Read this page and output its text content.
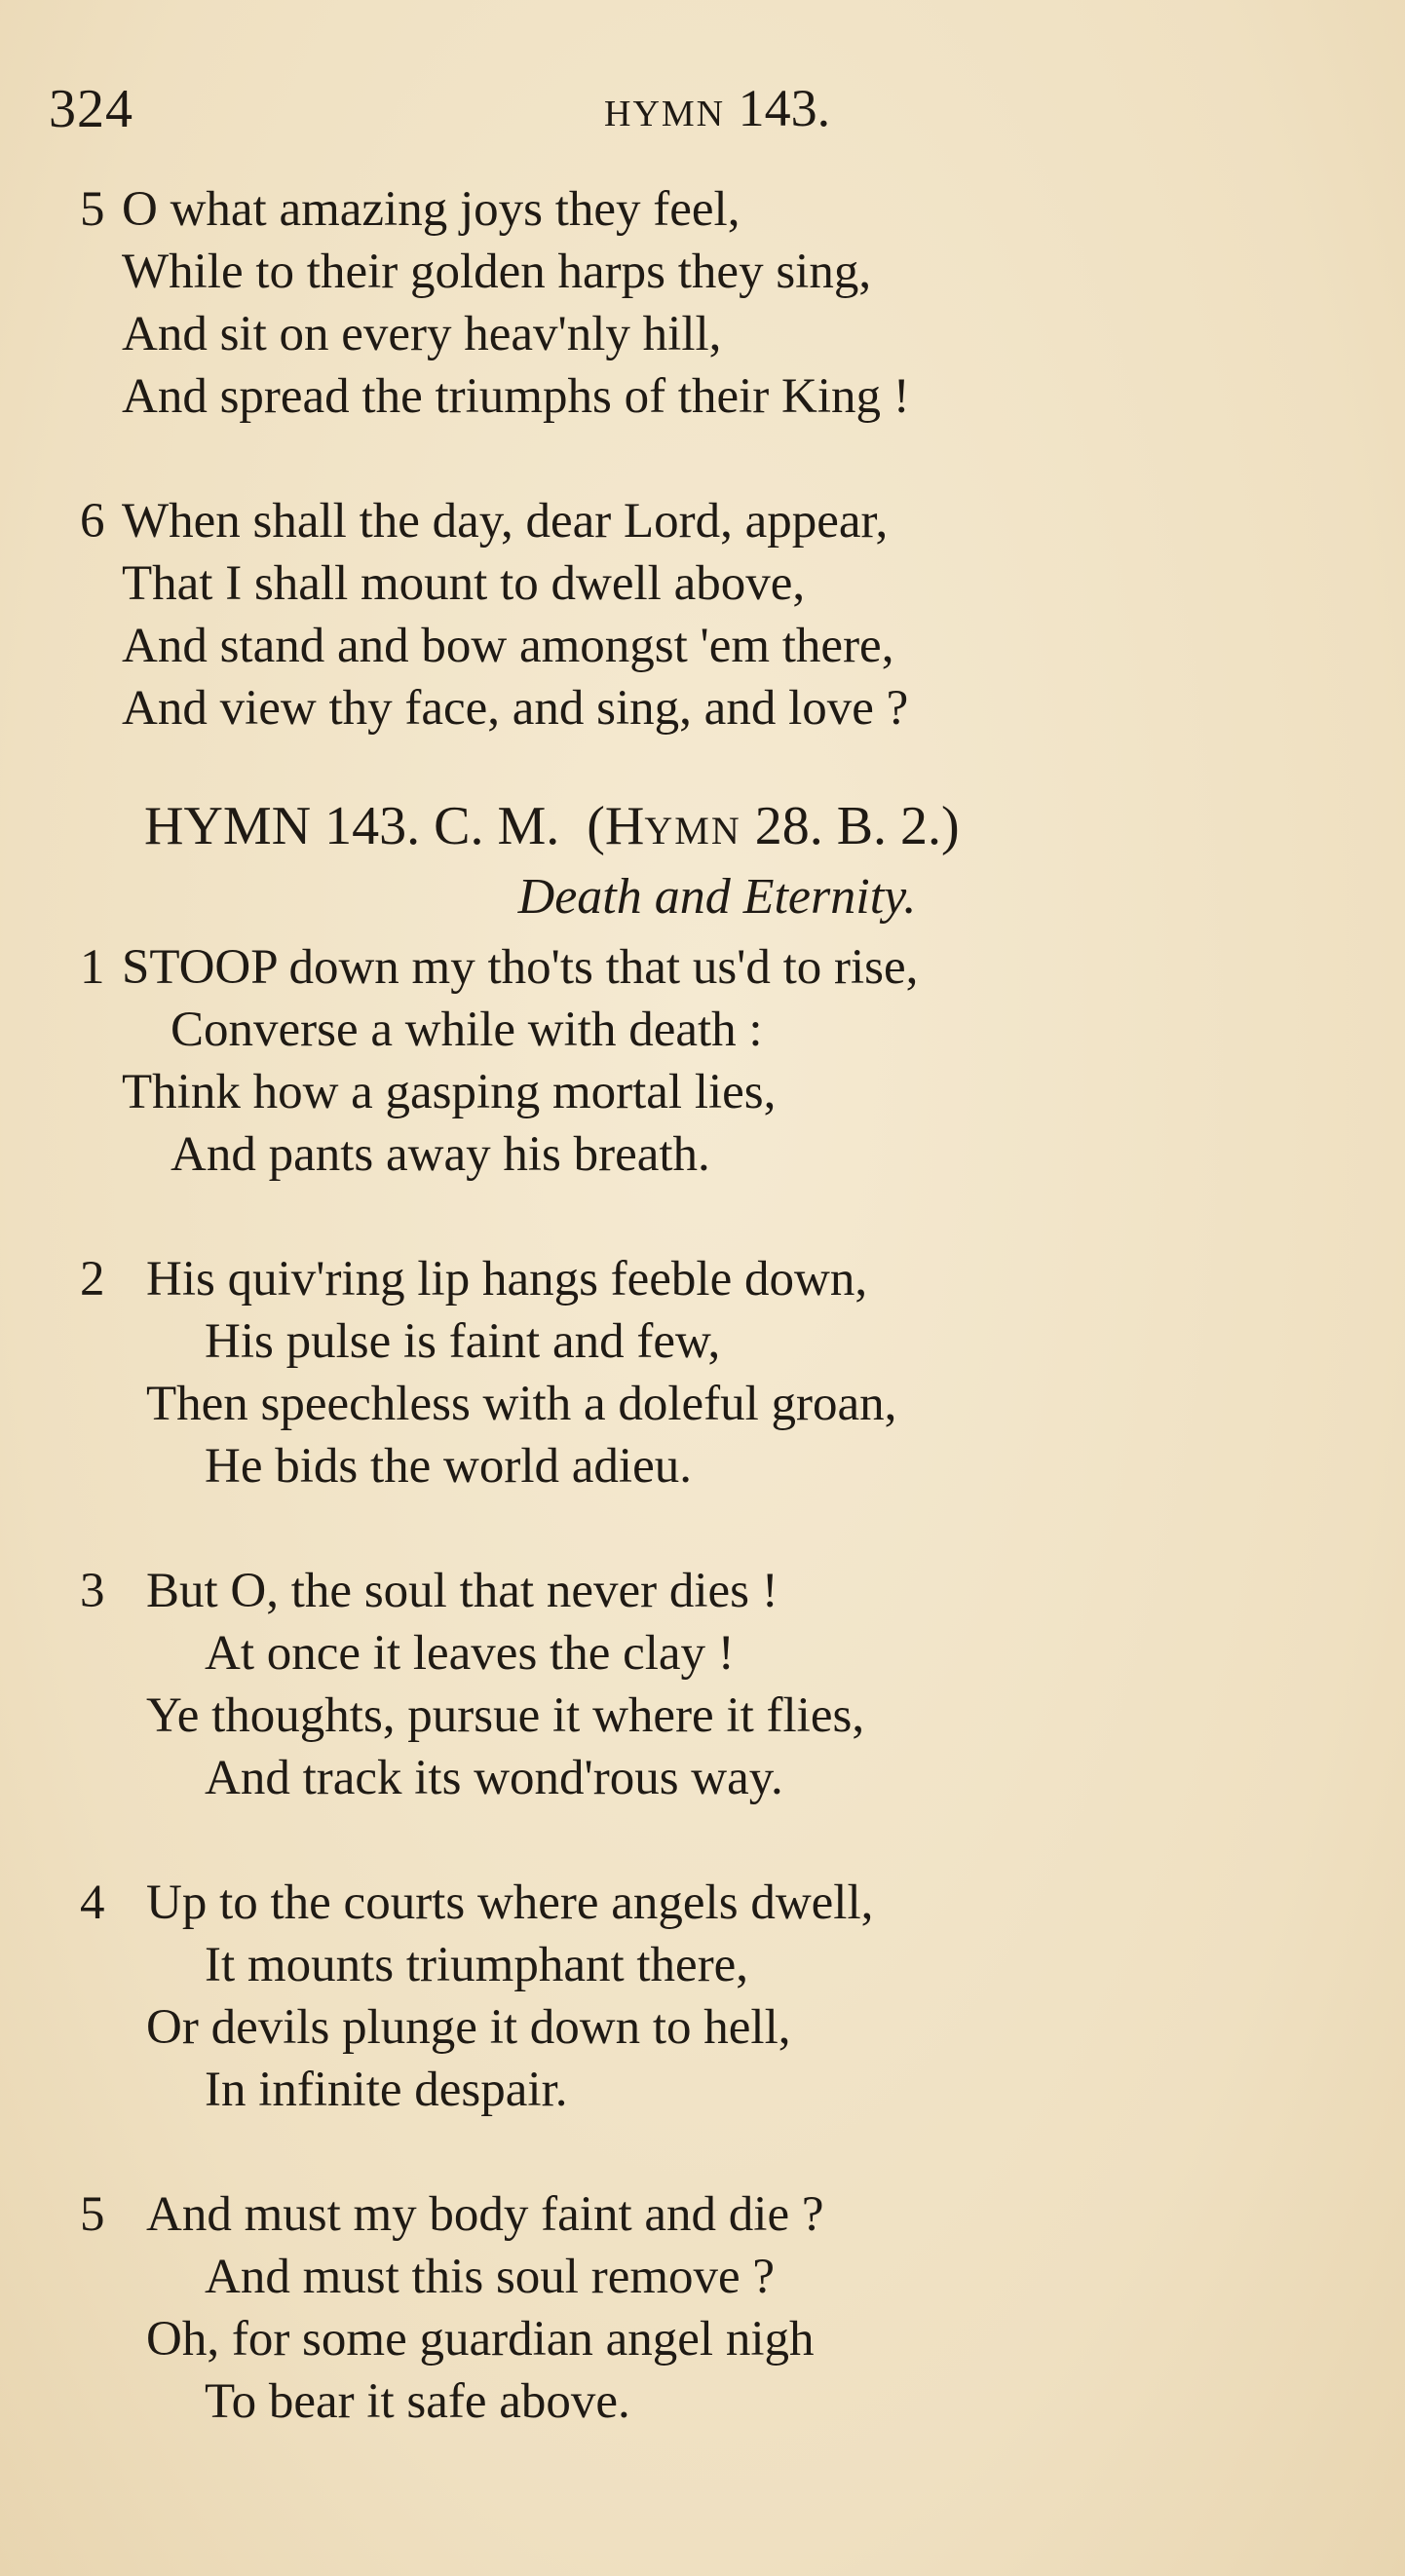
324	HYMN 143.
5 O what amazing joys they feel,
While to their golden harps they sing,
And sit on every heav'nly hill,
And spread the triumphs of their King !
6 When shall the day, dear Lord, appear,
That I shall mount to dwell above,
And stand and bow amongst 'em there,
And view thy face, and sing, and love ?
HYMN 143. C. M. (HYMN 28. B. 2.)
Death and Eternity.
1 STOOP down my tho'ts that us'd to rise,
Converse a while with death :
Think how a gasping mortal lies,
And pants away his breath.
2 His quiv'ring lip hangs feeble down,
His pulse is faint and few,
Then speechless with a doleful groan,
He bids the world adieu.
3 But O, the soul that never dies !
At once it leaves the clay !
Ye thoughts, pursue it where it flies,
And track its wond'rous way.
4 Up to the courts where angels dwell,
It mounts triumphant there,
Or devils plunge it down to hell,
In infinite despair.
5 And must my body faint and die ?
And must this soul remove ?
Oh, for some guardian angel nigh
To bear it safe above.
